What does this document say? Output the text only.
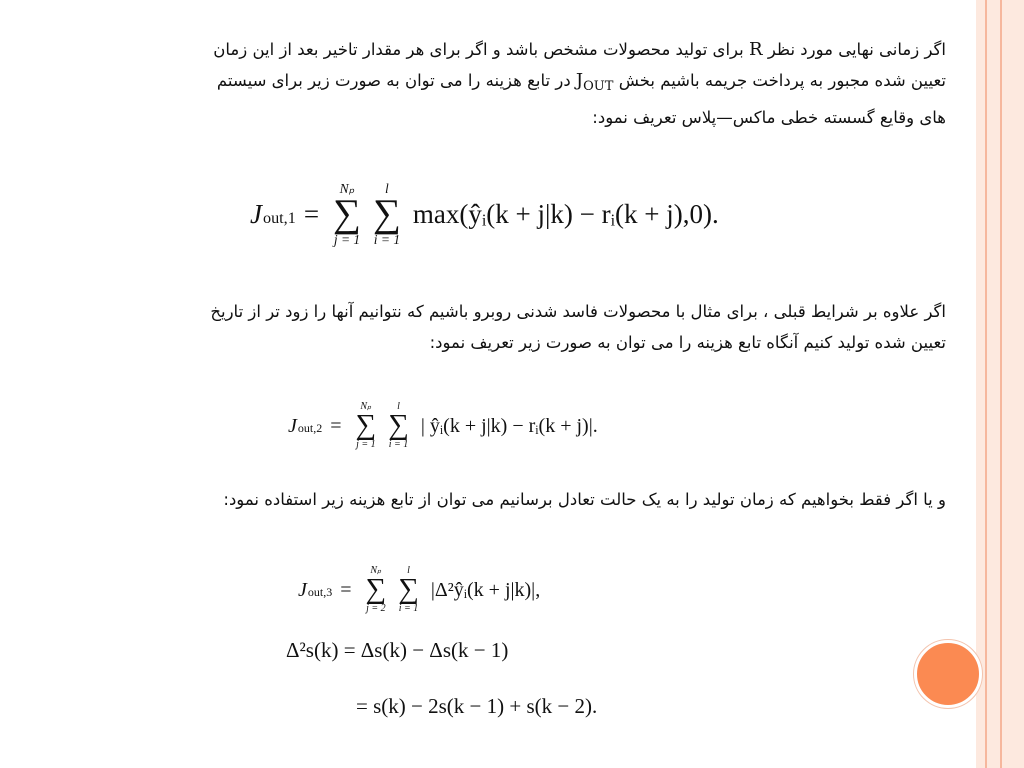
اگر زمانی نهایی مورد نظر R برای تولید محصولات مشخص باشد و اگر برای هر مقدار تاخیر بعد از این زمان
تعیین شده مجبور به پرداخت جریمه باشیم بخش $J_{OUT}$ در تابع هزینه را می توان به صورت زیر برای سیستم
های وقایع گسسته خطی ماکس—پلاس تعریف نمود:
J out,1 =
Nₚ
∑
j = 1
l
∑
i = 1
max(ŷᵢ(k + j|k) − rᵢ(k + j),0).
اگر علاوه بر شرایط قبلی ، برای مثال با محصولات فاسد شدنی روبرو باشیم که نتوانیم آنها را زود تر از تاریخ
تعیین شده تولید کنیم آنگاه تابع هزینه را می توان به صورت زیر تعریف نمود:
J out,2 =
Nₚ
∑
j = 1
l
∑
i = 1
| ŷᵢ(k + j|k) − rᵢ(k + j)|.
و یا اگر فقط بخواهیم که زمان تولید را به یک حالت تعادل برسانیم می توان از تابع هزینه زیر استفاده نمود:
J out,3 =
Nₚ
∑
j = 2
l
∑
i = 1
|Δ²ŷᵢ(k + j|k)|,
Δ²s(k) = Δs(k) − Δs(k − 1)
= s(k) − 2s(k − 1) + s(k − 2).
